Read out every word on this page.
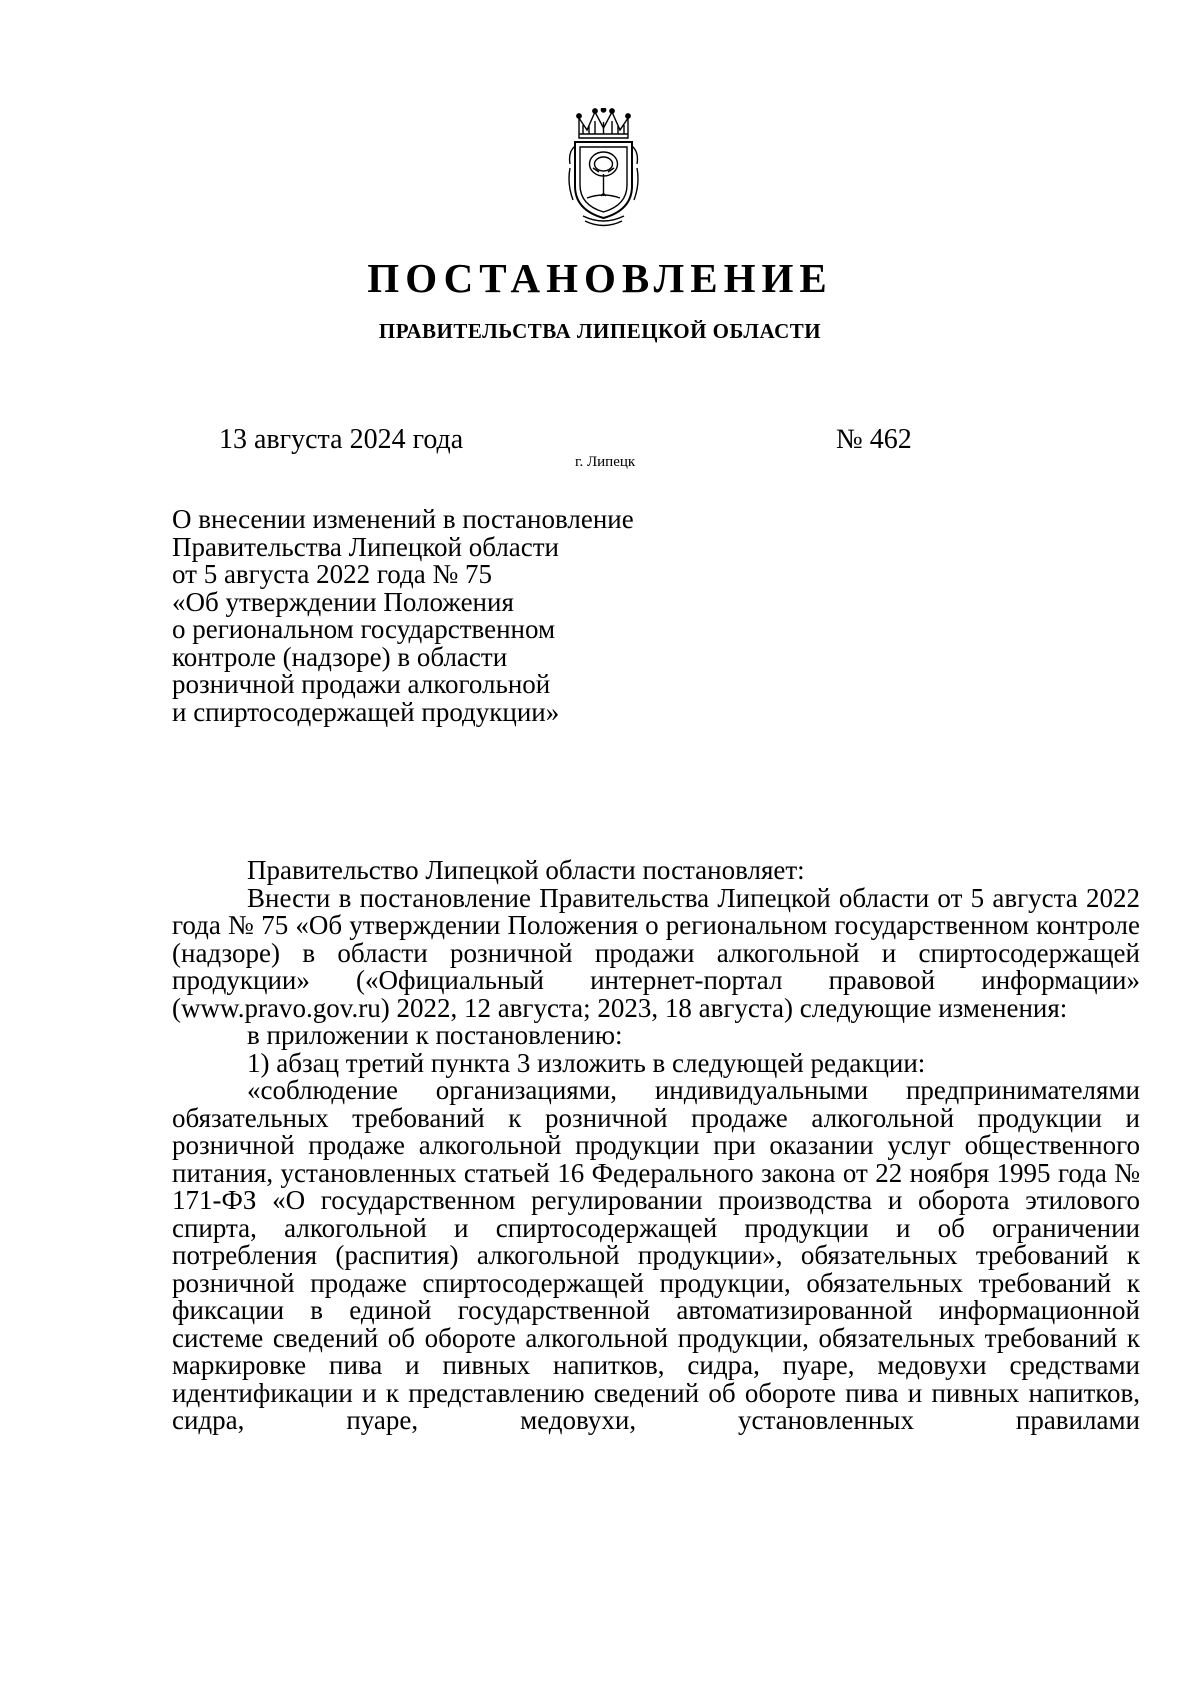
ПОСТАНОВЛЕНИЕ
ПРАВИТЕЛЬСТВА ЛИПЕЦКОЙ ОБЛАСТИ
13 августа 2024 года
г. Липецк
№ 462
О внесении изменений в постановление
Правительства Липецкой области
от 5 августа 2022 года № 75
«Об утверждении Положения
о региональном государственном
контроле (надзоре) в области
розничной продажи алкогольной
и спиртосодержащей продукции»

Правительство Липецкой области постановляет:

Внести в постановление Правительства Липецкой области от 5 августа 2022 года № 75 «Об утверждении Положения о региональном государственном контроле (надзоре) в области розничной продажи алкогольной и спиртосодержащей продукции» («Официальный интернет-портал правовой информации» (www.pravo.gov.ru) 2022, 12 августа; 2023, 18 августа) следующие изменения:

в приложении к постановлению:

1) абзац третий пункта 3 изложить в следующей редакции:

«соблюдение организациями, индивидуальными предпринимателями обязательных требований к розничной продаже алкогольной продукции и розничной продаже алкогольной продукции при оказании услуг общественного питания, установленных статьей 16 Федерального закона от 22 ноября 1995 года № 171-ФЗ «О государственном регулировании производства и оборота этилового спирта, алкогольной и спиртосодержащей продукции и об ограничении потребления (распития) алкогольной продукции», обязательных требований к розничной продаже спиртосодержащей продукции, обязательных требований к фиксации в единой государственной автоматизированной информационной системе сведений об обороте алкогольной продукции, обязательных требований к маркировке пива и пивных напитков, сидра, пуаре, медовухи средствами идентификации и к представлению сведений об обороте пива и пивных напитков, сидра, пуаре, медовухи, установленных правилами
